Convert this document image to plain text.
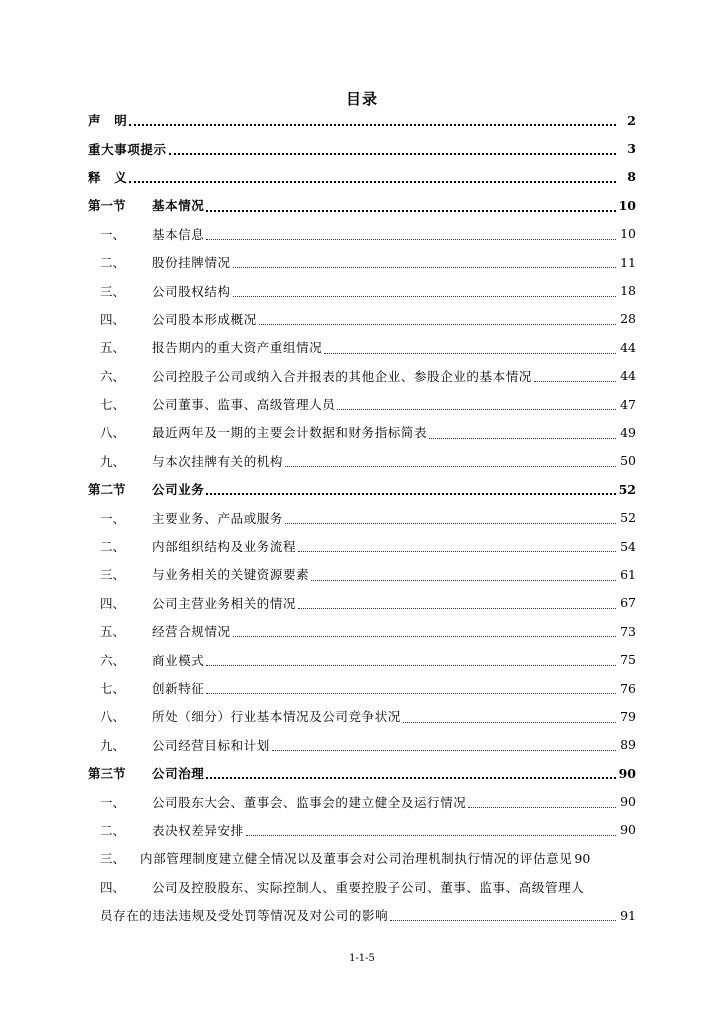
目录
声　明	2
重大事项提示	3
释　义	8
第一节	基本情况	10
一、	基本信息	10
二、	股份挂牌情况	11
三、	公司股权结构	18
四、	公司股本形成概况	28
五、	报告期内的重大资产重组情况	44
六、	公司控股子公司或纳入合并报表的其他企业、参股企业的基本情况	44
七、	公司董事、监事、高级管理人员	47
八、	最近两年及一期的主要会计数据和财务指标简表	49
九、	与本次挂牌有关的机构	50
第二节	公司业务	52
一、	主要业务、产品或服务	52
二、	内部组织结构及业务流程	54
三、	与业务相关的关键资源要素	61
四、	公司主营业务相关的情况	67
五、	经营合规情况	73
六、	商业模式	75
七、	创新特征	76
八、	所处（细分）行业基本情况及公司竞争状况	79
九、	公司经营目标和计划	89
第三节	公司治理	90
一、	公司股东大会、董事会、监事会的建立健全及运行情况	90
二、	表决权差异安排	90
三、	内部管理制度建立健全情况以及董事会对公司治理机制执行情况的评估意见 90
四、	公司及控股股东、实际控制人、重要控股子公司、董事、监事、高级管理人
员存在的违法违规及受处罚等情况及对公司的影响	91
1-1-5
